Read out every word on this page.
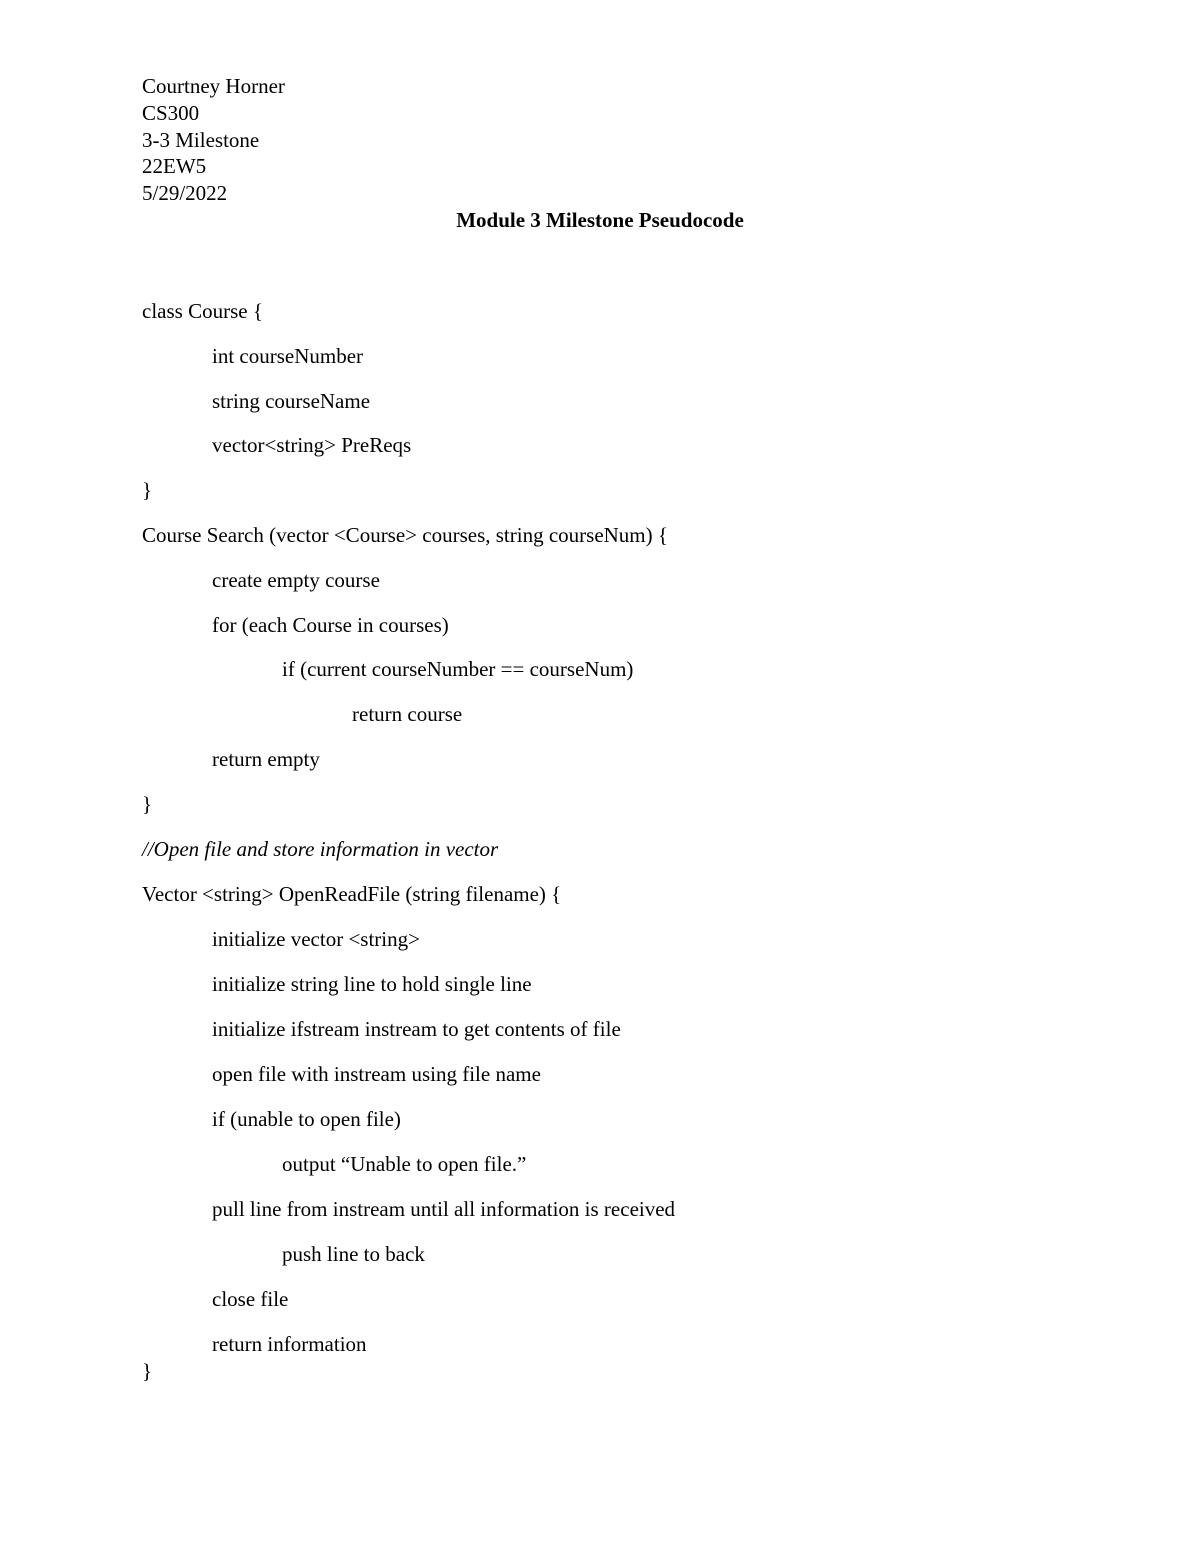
Courtney Horner
CS300
3-3 Milestone
22EW5
5/29/2022
Module 3 Milestone Pseudocode
class Course {
int courseNumber
string courseName
vector<string> PreReqs
}
Course Search (vector <Course> courses, string courseNum) {
create empty course
for (each Course in courses)
if (current courseNumber == courseNum)
return course
return empty
}
//Open file and store information in vector
Vector <string> OpenReadFile (string filename) {
initialize vector <string>
initialize string line to hold single line
initialize ifstream instream to get contents of file
open file with instream using file name
if (unable to open file)
output “Unable to open file.”
pull line from instream until all information is received
push line to back
close file
return information
}
